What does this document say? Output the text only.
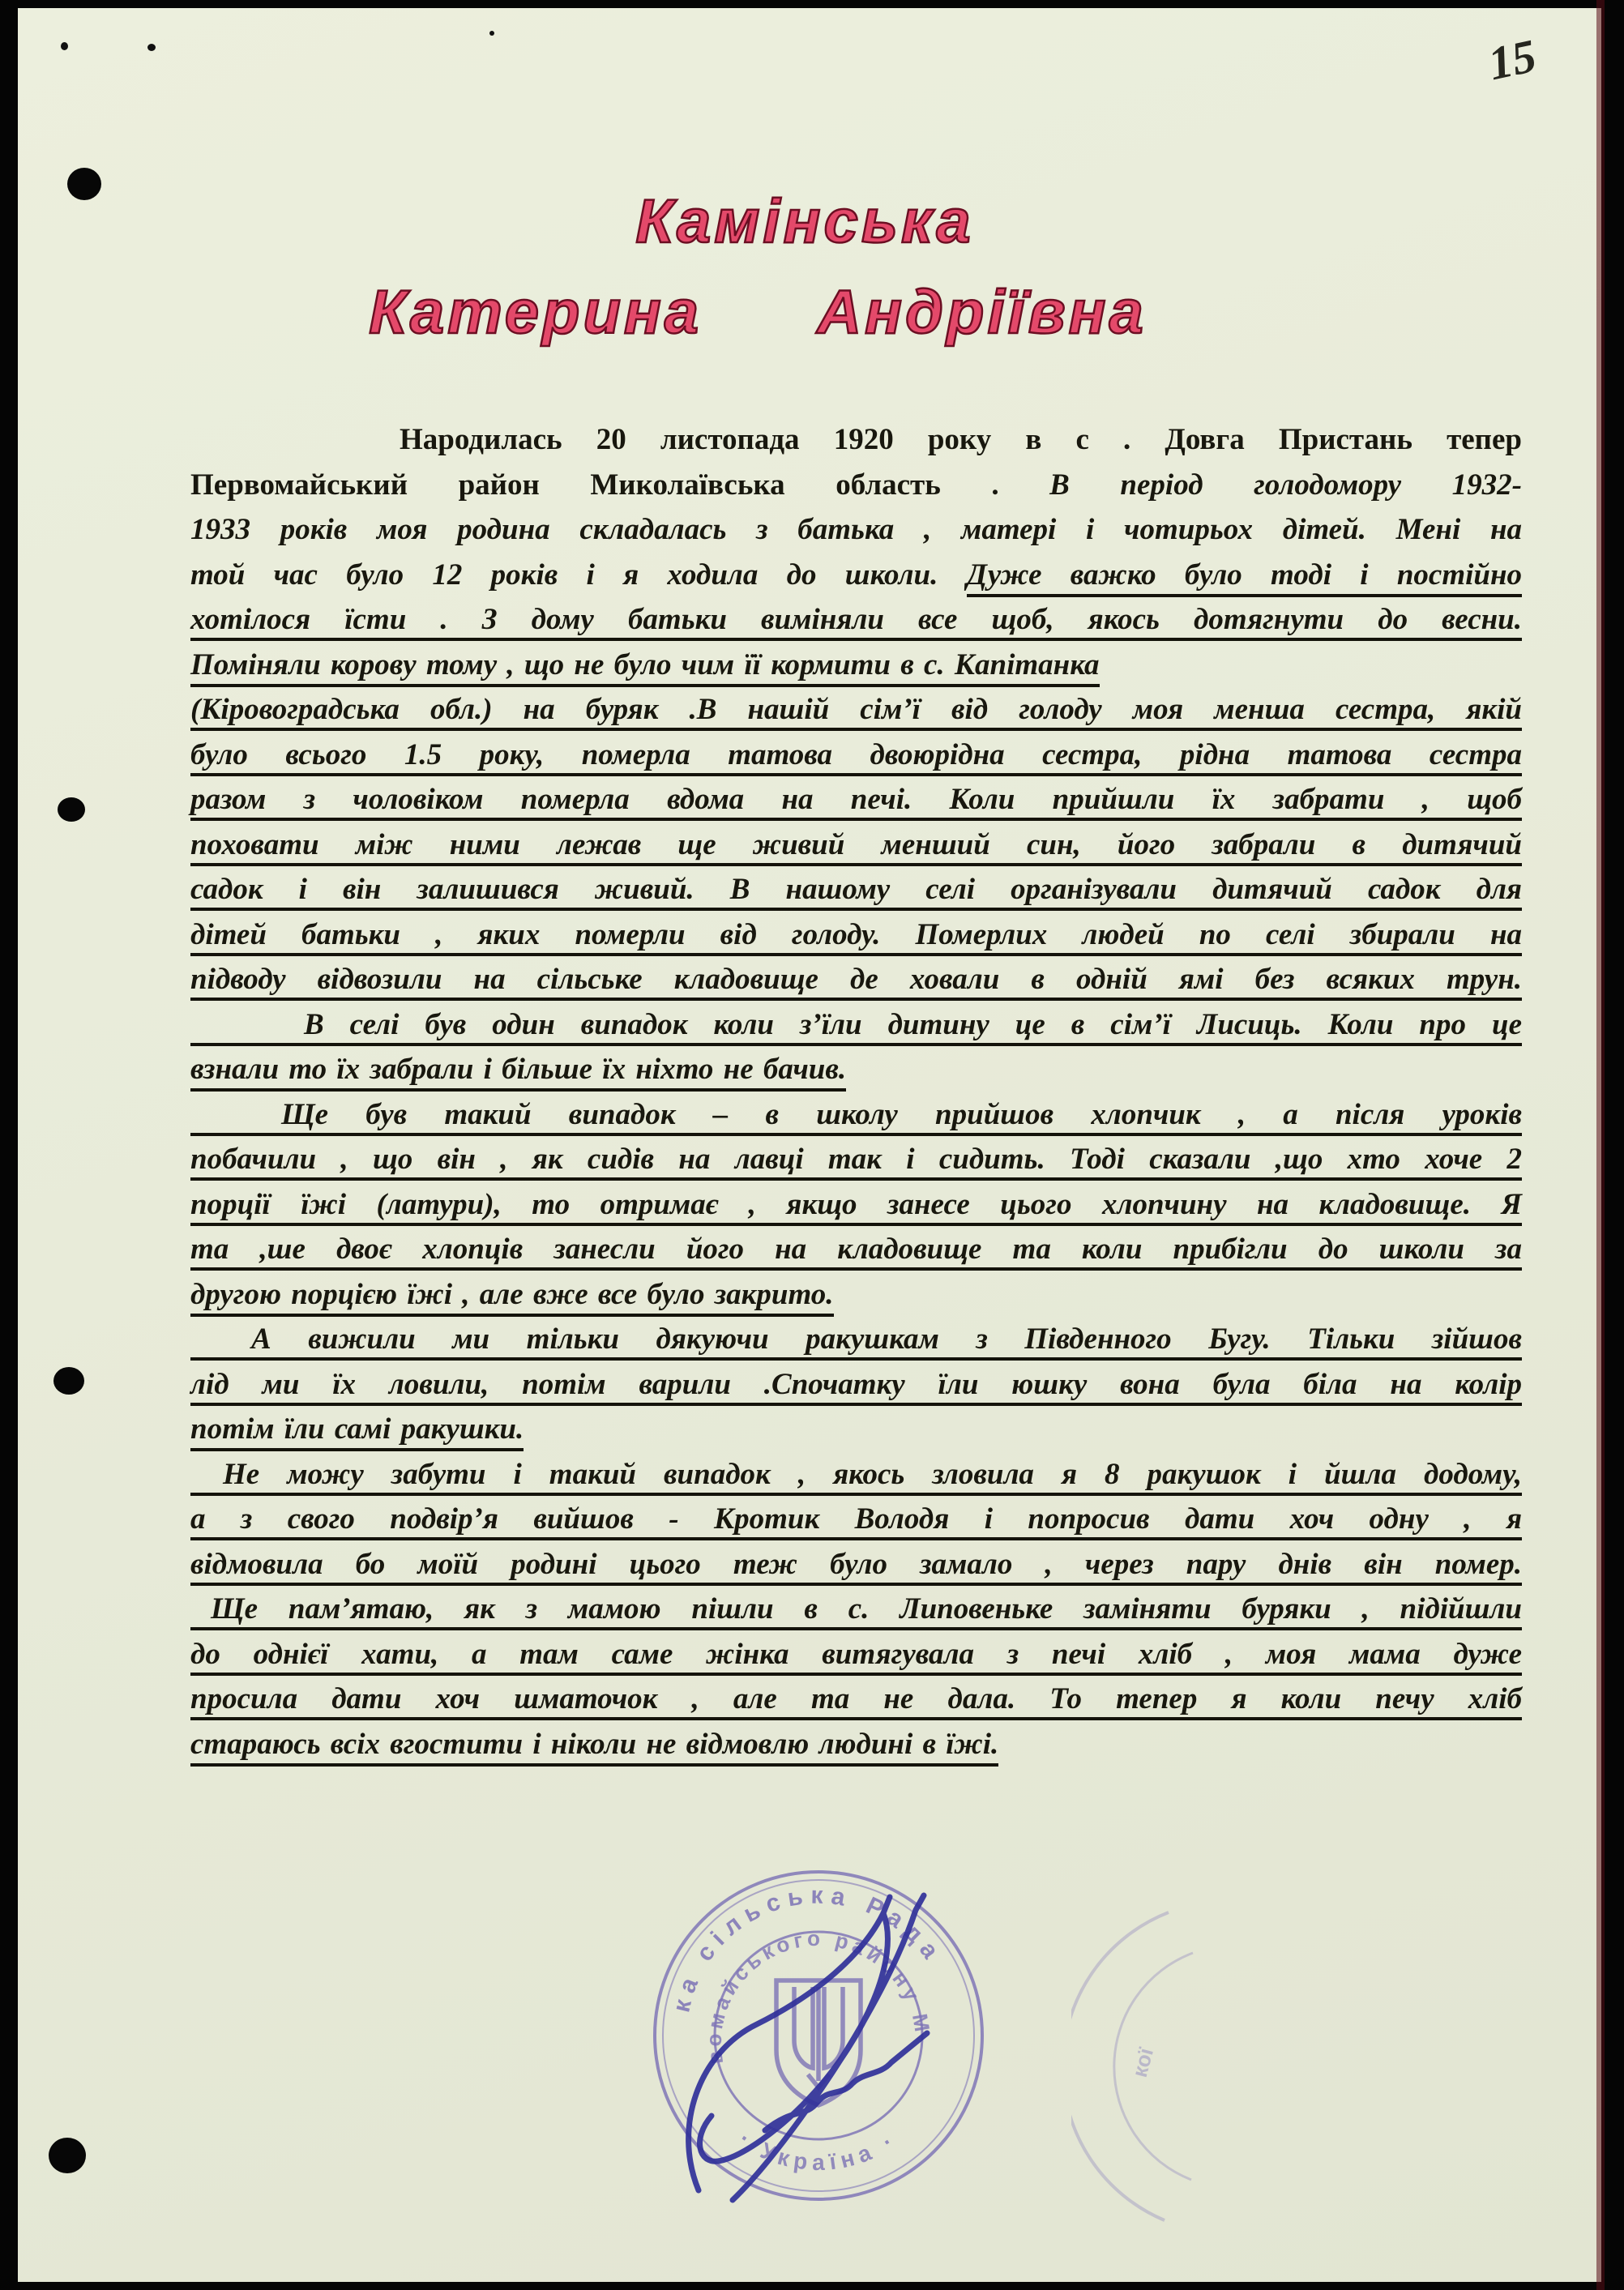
15
Камінська
Катерина  Андріївна
Народилась 20 листопада 1920 року в с . Довга Пристань тепер
Первомайський район Миколаївська область . В період голодомору 1932-
1933 років моя родина складалась з батька , матері і чотирьох дітей. Мені на
той час було 12 років і я ходила до школи. Дуже важко було тоді і постійно
хотілося їсти . З дому батьки виміняли все щоб, якось дотягнути до весни.
Поміняли корову тому , що не було чим її кормити в с. Капітанка
(Кіровоградська обл.) на буряк .В нашій сім’ї від голоду моя менша сестра, якій
було всього 1.5 року, померла татова двоюрідна сестра, рідна татова сестра
разом з чоловіком померла вдома на печі. Коли прийшли їх забрати , щоб
поховати між ними лежав ще живий менший син, його забрали в дитячий
садок і він залишився живий. В нашому селі організували дитячий садок для
дітей батьки , яких померли від голоду. Померлих людей по селі збирали на
підводу відвозили на сільське кладовище де ховали в одній ямі без всяких трун.
В селі був один випадок коли з’їли дитину це в сім’ї Лисиць. Коли про це
взнали то їх забрали і більше їх ніхто не бачив.
Ще був такий випадок – в школу прийшов хлопчик , а після уроків
побачили , що він , як сидів на лавці так і сидить. Тоді сказали ,що хто хоче 2
порції їжі (латури), то отримає , якщо занесе цього хлопчину на кладовище. Я
та ,ше двоє хлопців занесли його на кладовище та коли прибігли до школи за
другою порцією їжі , але вже все було закрито.
А вижили ми тільки дякуючи ракушкам з Південного Бугу. Тільки зійшов
лід ми їх ловили, потім варили .Спочатку їли юшку вона була біла на колір
потім їли самі ракушки.
Не можу забути і такий випадок , якось зловила я 8 ракушок і йшла додому,
а з свого подвір’я вийшов - Кротик Володя і попросив дати хоч одну , я
відмовила бо моїй родині цього теж було замало , через пару днів він помер.
Ще пам’ятаю, як з мамою пішли в с. Липовеньке заміняти буряки , підійшли
до однієї хати, а там саме жінка витягувала з печі хліб , моя мама дуже
просила дати хоч шматочок , але та не дала. То тепер я коли печу хліб
стараюсь всіх вгостити і ніколи не відмовлю людині в їжі.
ка сільська Рада
вомайського району М
· Україна ·
кої
